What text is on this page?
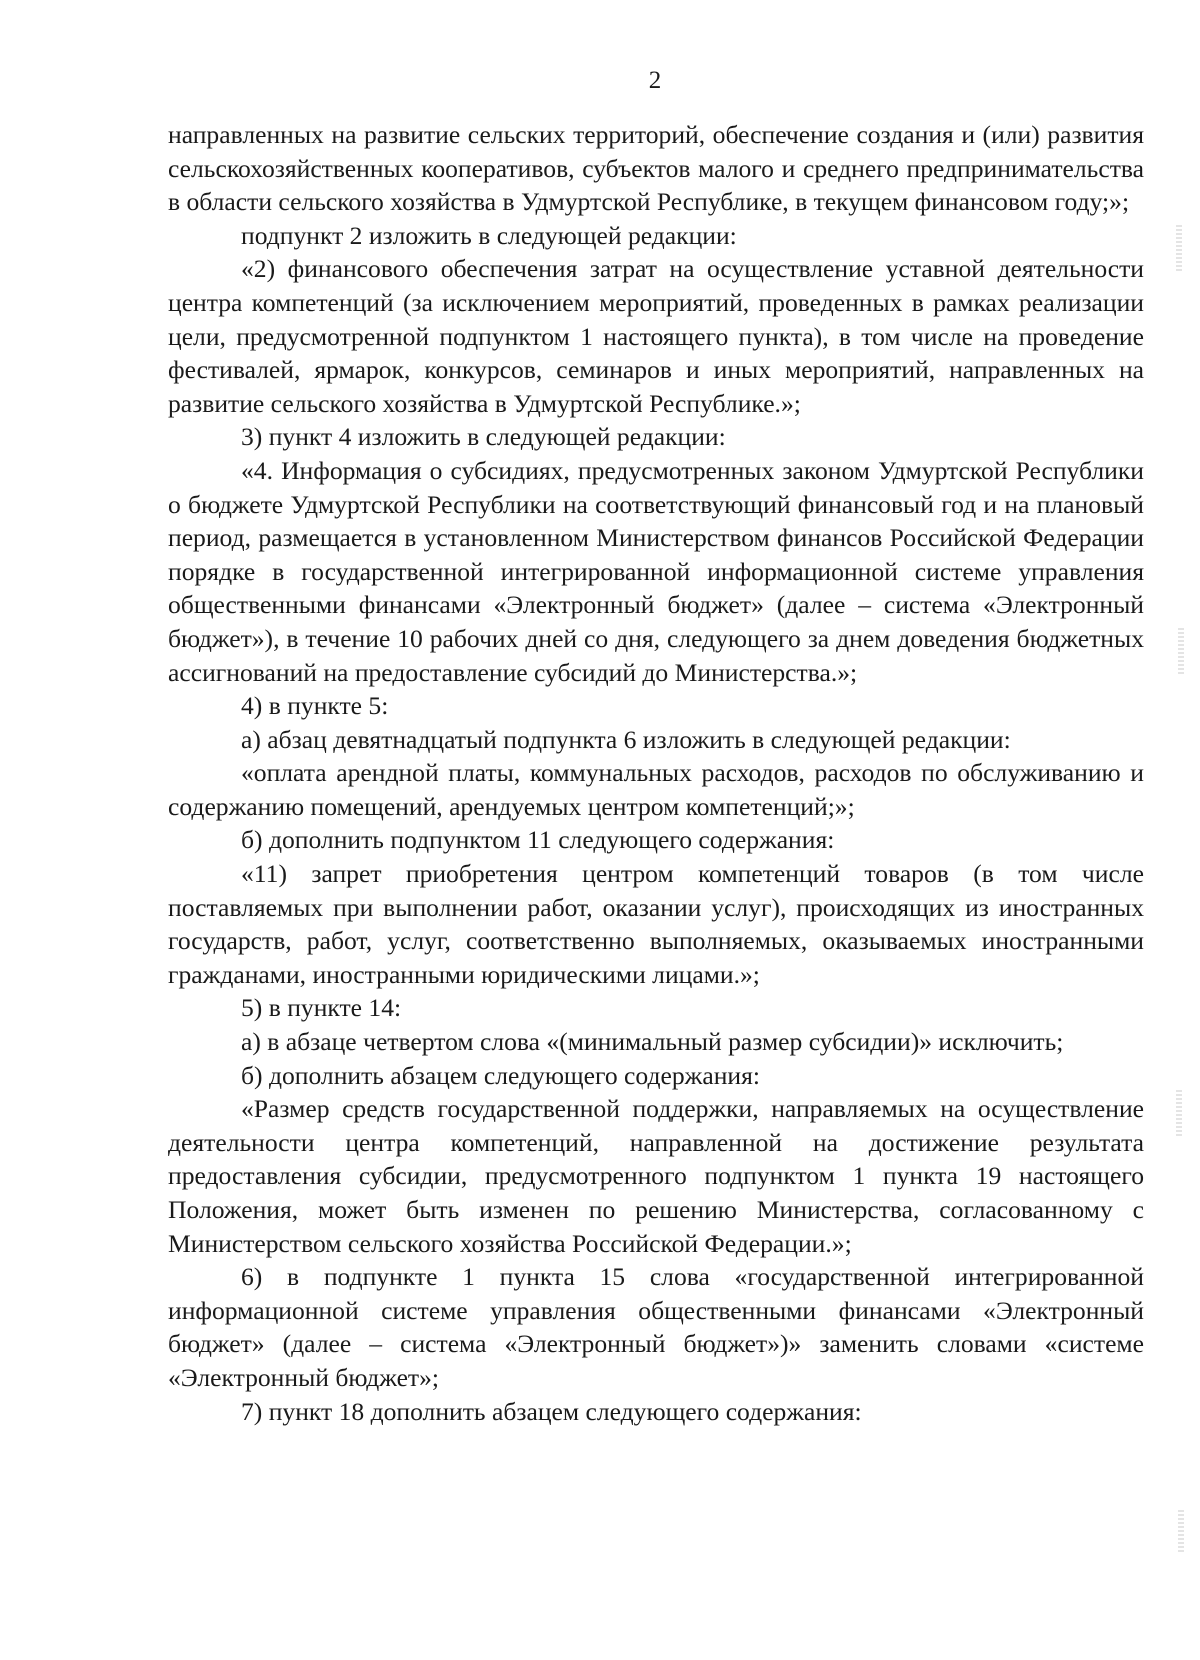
2

направленных на развитие сельских территорий, обеспечение создания и (или) развития сельскохозяйственных кооперативов, субъектов малого и среднего предпринимательства в области сельского хозяйства в Удмуртской Республике, в текущем финансовом году;»;

подпункт 2 изложить в следующей редакции:

«2) финансового обеспечения затрат на осуществление уставной деятельности центра компетенций (за исключением мероприятий, проведенных в рамках реализации цели, предусмотренной подпунктом 1 настоящего пункта), в том числе на проведение фестивалей, ярмарок, конкурсов, семинаров и иных мероприятий, направленных на развитие сельского хозяйства в Удмуртской Республике.»;

3) пункт 4 изложить в следующей редакции:

«4. Информация о субсидиях, предусмотренных законом Удмуртской Республики о бюджете Удмуртской Республики на соответствующий финансовый год и на плановый период, размещается в установленном Министерством финансов Российской Федерации порядке в государственной интегрированной информационной системе управления общественными финансами «Электронный бюджет» (далее – система «Электронный бюджет»), в течение 10 рабочих дней со дня, следующего за днем доведения бюджетных ассигнований на предоставление субсидий до Министерства.»;

4) в пункте 5:

а) абзац девятнадцатый подпункта 6 изложить в следующей редакции:

«оплата арендной платы, коммунальных расходов, расходов по обслуживанию и содержанию помещений, арендуемых центром компетенций;»;

б) дополнить подпунктом 11 следующего содержания:

«11) запрет приобретения центром компетенций товаров (в том числе поставляемых при выполнении работ, оказании услуг), происходящих из иностранных государств, работ, услуг, соответственно выполняемых, оказываемых иностранными гражданами, иностранными юридическими лицами.»;

5) в пункте 14:

а) в абзаце четвертом слова «(минимальный размер субсидии)» исключить;

б) дополнить абзацем следующего содержания:

«Размер средств государственной поддержки, направляемых на осуществление деятельности центра компетенций, направленной на достижение результата предоставления субсидии, предусмотренного подпунктом 1 пункта 19 настоящего Положения, может быть изменен по решению Министерства, согласованному с Министерством сельского хозяйства Российской Федерации.»;

6) в подпункте 1 пункта 15 слова «государственной интегрированной информационной системе управления общественными финансами «Электронный бюджет» (далее – система «Электронный бюджет»)» заменить словами «системе «Электронный бюджет»;

7) пункт 18 дополнить абзацем следующего содержания:
